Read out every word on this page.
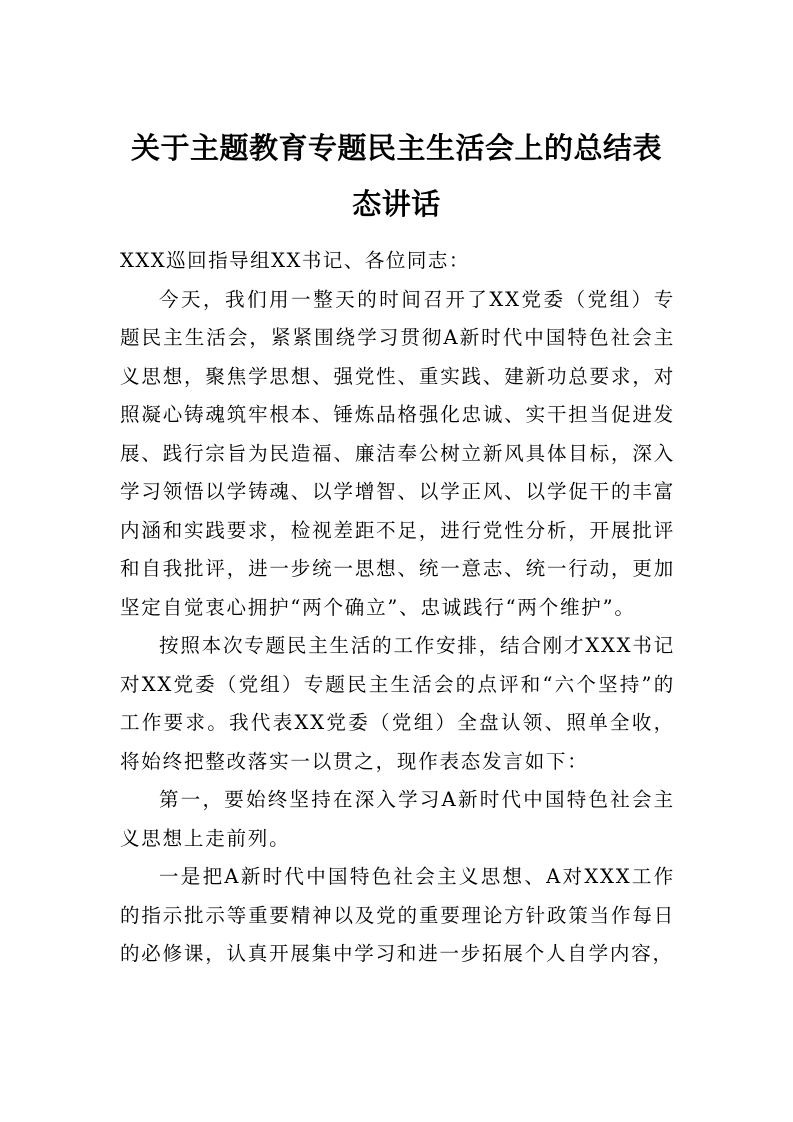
关于主题教育专题民主生活会上的总结表
态讲话

XXX巡回指导组XX书记、各位同志：

今天，我们用一整天的时间召开了XX党委（党组）专题民主生活会，紧紧围绕学习贯彻A新时代中国特色社会主义思想，聚焦学思想、强党性、重实践、建新功总要求，对照凝心铸魂筑牢根本、锤炼品格强化忠诚、实干担当促进发展、践行宗旨为民造福、廉洁奉公树立新风具体目标，深入学习领悟以学铸魂、以学增智、以学正风、以学促干的丰富内涵和实践要求，检视差距不足，进行党性分析，开展批评和自我批评，进一步统一思想、统一意志、统一行动，更加坚定自觉衷心拥护“两个确立”、忠诚践行“两个维护”。

按照本次专题民主生活的工作安排，结合刚才XXX书记对XX党委（党组）专题民主生活会的点评和“六个坚持”的工作要求。我代表XX党委（党组）全盘认领、照单全收，将始终把整改落实一以贯之，现作表态发言如下：

第一，要始终坚持在深入学习A新时代中国特色社会主义思想上走前列。

一是把A新时代中国特色社会主义思想、A对XXX工作的指示批示等重要精神以及党的重要理论方针政策当作每日的必修课，认真开展集中学习和进一步拓展个人自学内容，
